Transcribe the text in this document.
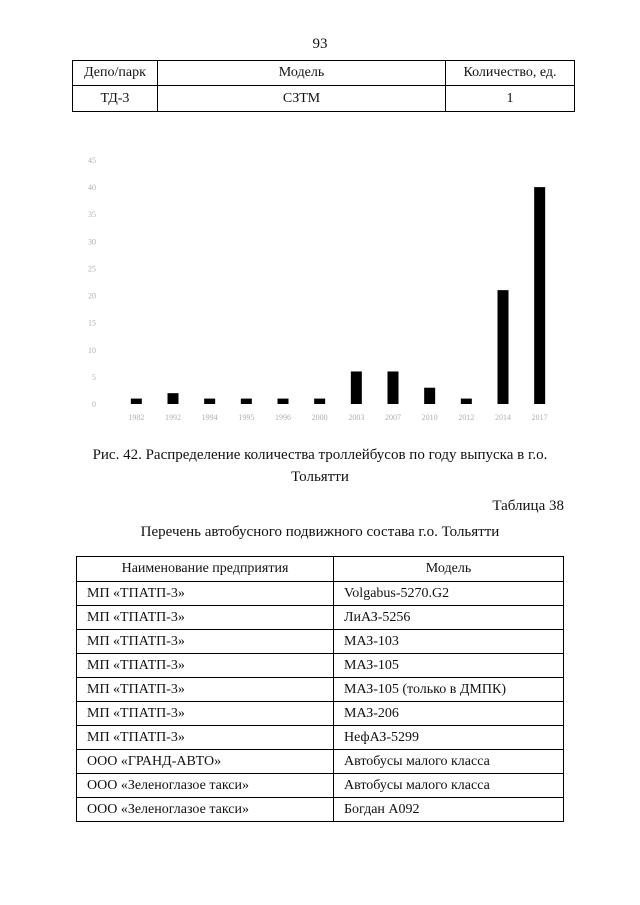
93
Депо/парк	Модель	Количество, ед.
ТД-3	СЗТМ	1
0
5
10
15
20
25
30
35
40
45
1982	1992	1994	1995	1996	2000	2003	2007	2010	2012	2014	2017
Рис. 42. Распределение количества троллейбусов по году выпуска в г.о. Тольятти
Таблица 38
Перечень автобусного подвижного состава г.о. Тольятти
Наименование предприятия	Модель
МП «ТПАТП-3»	Volgabus-5270.G2
МП «ТПАТП-3»	ЛиАЗ-5256
МП «ТПАТП-3»	МАЗ-103
МП «ТПАТП-3»	МАЗ-105
МП «ТПАТП-3»	МАЗ-105 (только в ДМПК)
МП «ТПАТП-3»	МАЗ-206
МП «ТПАТП-3»	НефАЗ-5299
ООО «ГРАНД-АВТО»	Автобусы малого класса
ООО «Зеленоглазое такси»	Автобусы малого класса
ООО «Зеленоглазое такси»	Богдан А092
